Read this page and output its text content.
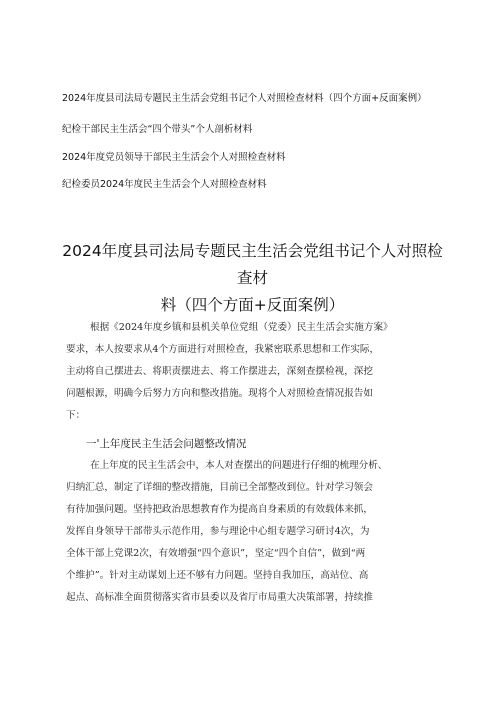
2024年度县司法局专题民主生活会党组书记个人对照检查材料（四个方面+反面案例）
纪检干部民主生活会“四个带头”个人剖析材料
2024年度党员领导干部民主生活会个人对照检查材料
纪检委员2024年度民主生活会个人对照检查材料
2024年度县司法局专题民主生活会党组书记个人对照检查材
料（四个方面+反面案例）
根据《2024年度乡镇和县机关单位党组（党委）民主生活会实施方案》
要求，本人按要求从4个方面进行对照检查，我紧密联系思想和工作实际，
主动将自己摆进去、将职责摆进去、将工作摆进去，深刻查摆检视，深挖
问题根源，明确今后努力方向和整改措施。现将个人对照检查情况报告如
下：
一'上年度民主生活会问题整改情况
在上年度的民主生活会中，本人对查摆出的问题进行仔细的梳理分析、
归纳汇总，制定了详细的整改措施，目前已全部整改到位。针对学习领会
有待加强问题。坚持把政治思想教育作为提高自身素质的有效载体来抓，
发挥自身领导干部带头示范作用，参与理论中心组专题学习研讨4次，为
全体干部上党课2次，有效增强“四个意识”，坚定“四个自信”，做到“两
个维护”。针对主动谋划上还不够有力问题。坚持自我加压，高站位、高
起点、高标准全面贯彻落实省市县委以及省厅市局重大决策部署，持续推
